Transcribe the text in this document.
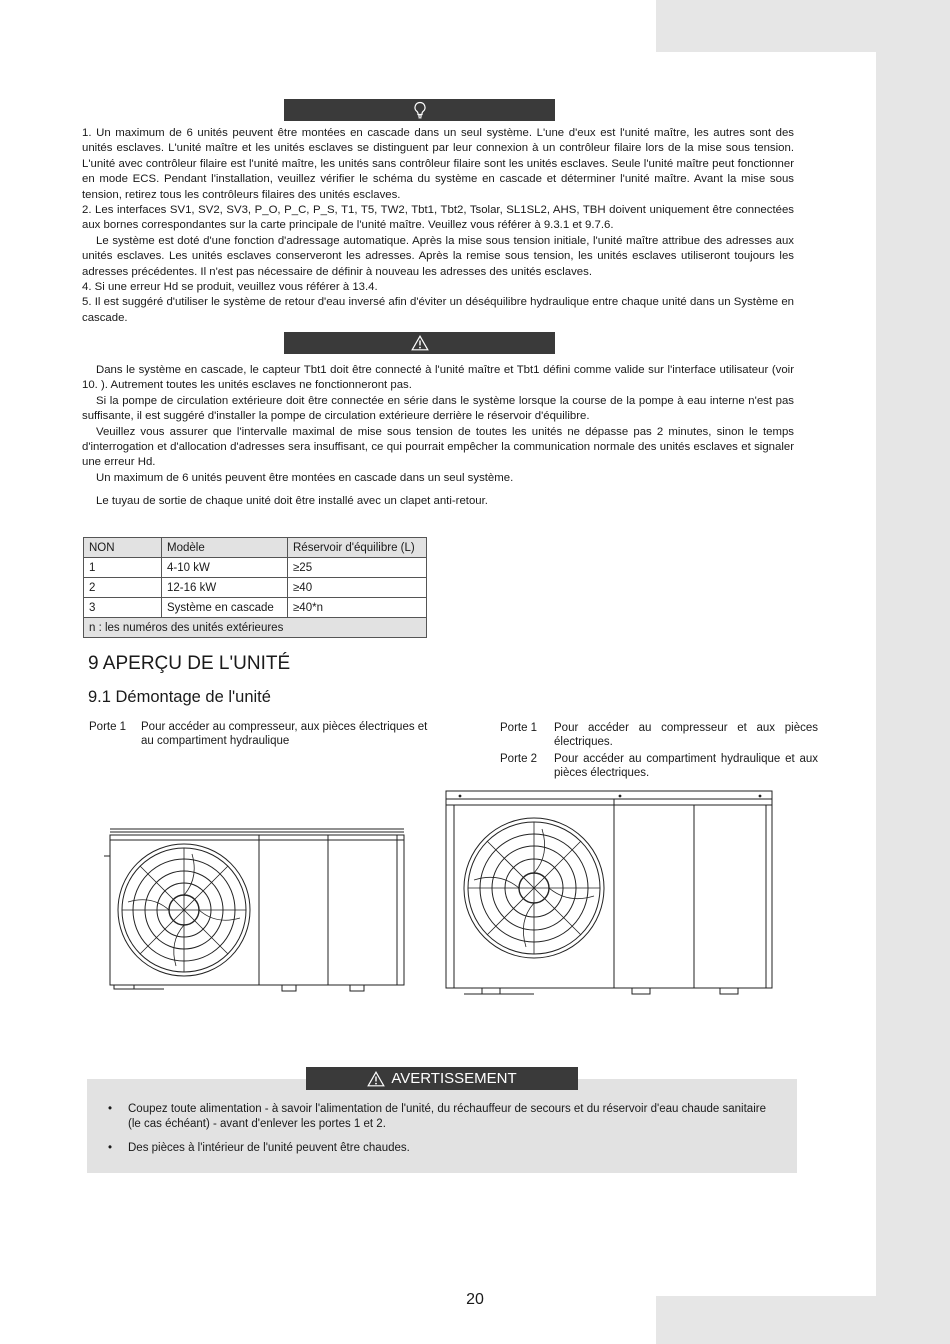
1. Un maximum de 6 unités peuvent être montées en cascade dans un seul système. L'une d'eux est l'unité maître, les autres sont des unités esclaves. L'unité maître et les unités esclaves se distinguent par leur connexion à un contrôleur filaire lors de la mise sous tension. L'unité avec contrôleur filaire est l'unité maître, les unités sans contrôleur filaire sont les unités esclaves. Seule l'unité maître peut fonctionner en mode ECS. Pendant l'installation, veuillez vérifier le schéma du système en cascade et déterminer l'unité maître. Avant la mise sous tension, retirez tous les contrôleurs filaires des unités esclaves.

2. Les interfaces SV1, SV2, SV3, P_O, P_C, P_S, T1, T5, TW2, Tbt1, Tbt2, Tsolar, SL1SL2, AHS, TBH doivent uniquement être connectées aux bornes correspondantes sur la carte principale de l'unité maître. Veuillez vous référer à 9.3.1 et 9.7.6.

Le système est doté d'une fonction d'adressage automatique. Après la mise sous tension initiale, l'unité maître attribue des adresses aux unités esclaves. Les unités esclaves conserveront les adresses. Après la remise sous tension, les unités esclaves utiliseront toujours les adresses précédentes. Il n'est pas nécessaire de définir à nouveau les adresses des unités esclaves.

4. Si une erreur Hd se produit, veuillez vous référer à 13.4.

5. Il est suggéré d'utiliser le système de retour d'eau inversé afin d'éviter un déséquilibre hydraulique entre chaque unité dans un Système en cascade.

Dans le système en cascade, le capteur Tbt1 doit être connecté à l'unité maître et Tbt1 défini comme valide sur l'interface utilisateur (voir 10. ). Autrement toutes les unités esclaves ne fonctionneront pas.

Si la pompe de circulation extérieure doit être connectée en série dans le système lorsque la course de la pompe à eau interne n'est pas suffisante, il est suggéré d'installer la pompe de circulation extérieure derrière le réservoir d'équilibre.

Veuillez vous assurer que l'intervalle maximal de mise sous tension de toutes les unités ne dépasse pas 2 minutes, sinon le temps d'interrogation et d'allocation d'adresses sera insuffisant, ce qui pourrait empêcher la communication normale des unités esclaves et signaler une erreur Hd.

Un maximum de 6 unités peuvent être montées en cascade dans un seul système.

Le tuyau de sortie de chaque unité doit être installé avec un clapet anti-retour.

NON	Modèle	Réservoir d'équilibre (L)
1	4-10 kW	≥25
2	12-16 kW	≥40
3	Système en cascade	≥40*n
n : les numéros des unités extérieures		
9 APERÇU DE L'UNITÉ
9.1 Démontage de l'unité
Porte 1	Pour accéder au compresseur, aux pièces électriques et au compartiment hydraulique
Porte 1	Pour accéder au compresseur et aux pièces électriques.
Porte 2	Pour accéder au compartiment hydraulique et aux pièces électriques.
AVERTISSEMENT
•	Coupez toute alimentation - à savoir l'alimentation de l'unité, du réchauffeur de secours et du réservoir d'eau chaude sanitaire (le cas échéant) - avant d'enlever les portes 1 et 2.
•	Des pièces à l'intérieur de l'unité peuvent être chaudes.
20
